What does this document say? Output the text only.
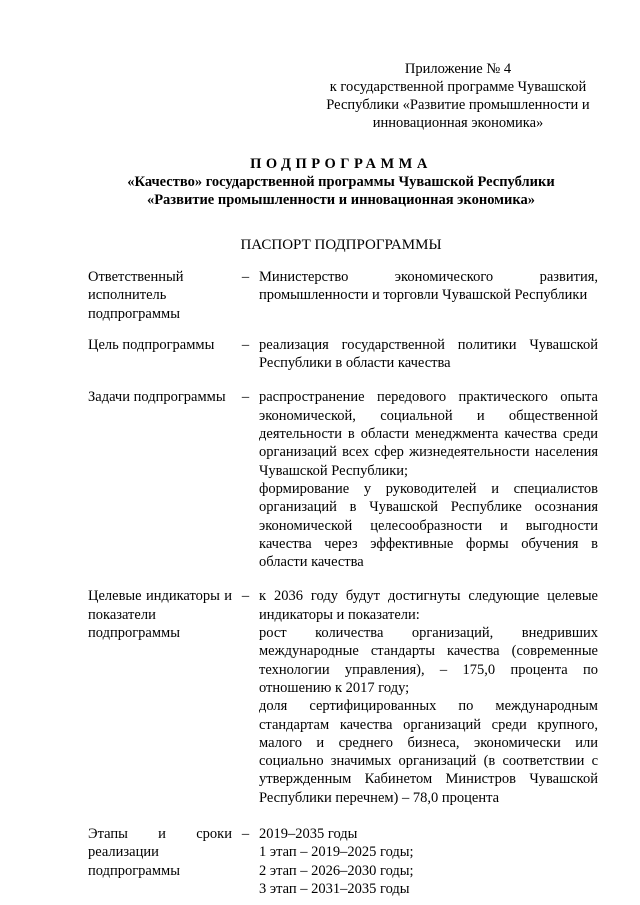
Приложение № 4
к государственной программе Чувашской
Республики «Развитие промышленности и
инновационная экономика»
ПОДПРОГРАММА
«Качество» государственной программы Чувашской Республики
«Развитие промышленности и инновационная экономика»
ПАСПОРТ ПОДПРОГРАММЫ
Ответственный исполнитель подпрограммы
– Министерство экономического развития, промышленности и торговли Чувашской Республики
Цель подпрограммы	– реализация государственной политики Чувашской Республики в области качества
Задачи подпрограммы	– распространение передового практического опыта экономической, социальной и общественной деятельности в области менеджмента качества среди организаций всех сфер жизнедеятельности населения Чувашской Республики;
формирование у руководителей и специалистов организаций в Чувашской Республике осознания экономической целесообразности и выгодности качества через эффективные формы обучения в области качества
Целевые индикаторы и показатели подпрограммы
– к 2036 году будут достигнуты следующие целевые индикаторы и показатели:
рост количества организаций, внедривших международные стандарты качества (современные технологии управления), – 175,0 процента по отношению к 2017 году;
доля сертифицированных по международным стандартам качества организаций среди крупного, малого и среднего бизнеса, экономически или социально значимых организаций (в соответствии с утвержденным Кабинетом Министров Чувашской Республики перечнем) – 78,0 процента
Этапы и сроки реализации подпрограммы
– 2019–2035 годы
1 этап – 2019–2025 годы;
2 этап – 2026–2030 годы;
3 этап – 2031–2035 годы
